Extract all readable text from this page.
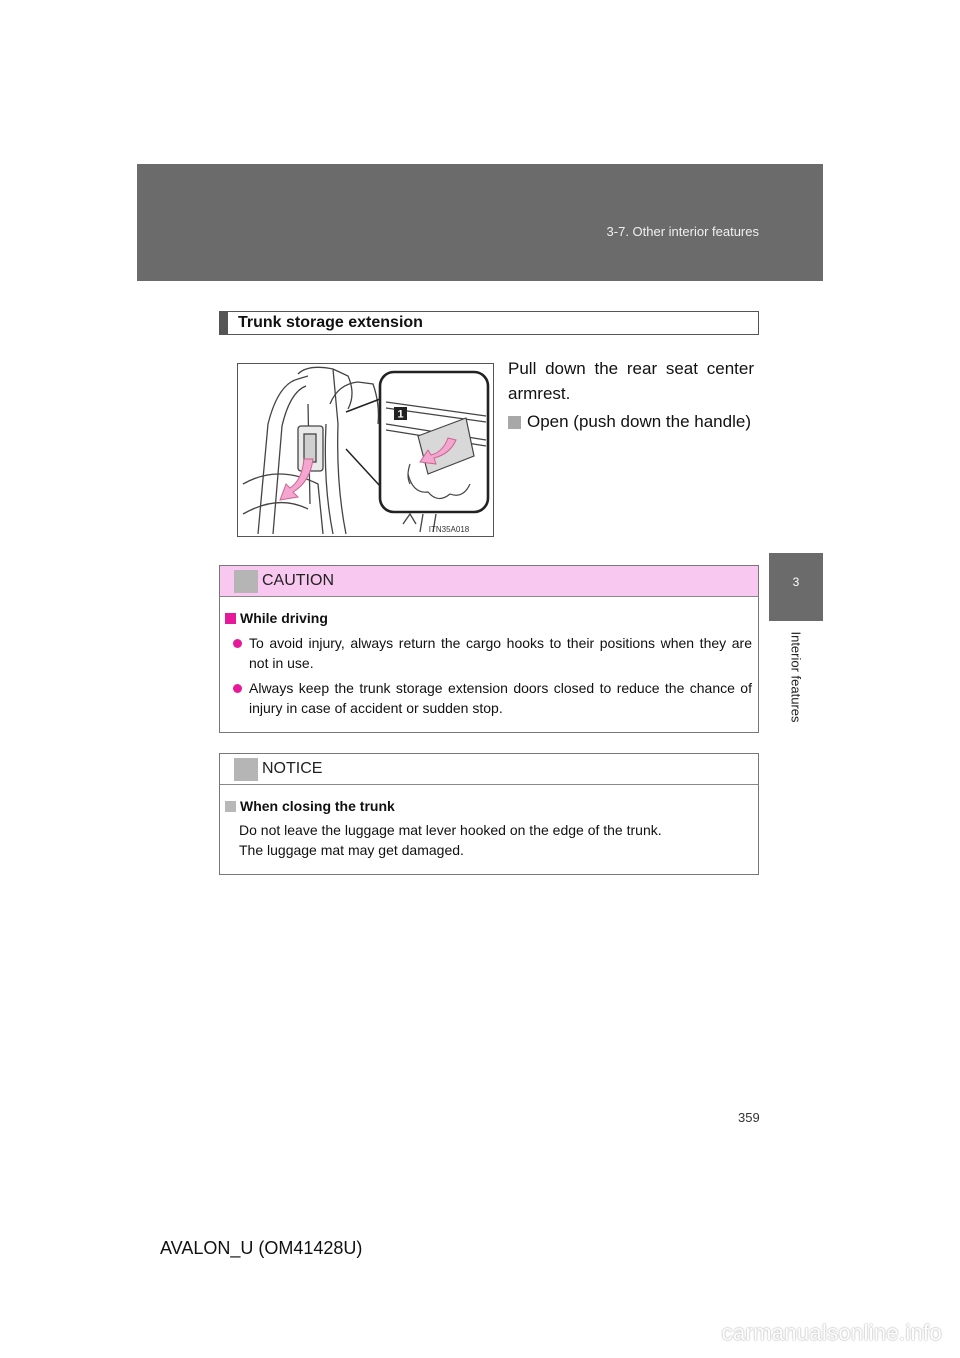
3-7. Other interior features
3
Interior features
Trunk storage extension
1
ITN35A018
Pull down the rear seat center
armrest.
Open (push down the handle)
CAUTION
While driving
To avoid injury, always return the cargo hooks to their positions when they are not in use.
Always keep the trunk storage extension doors closed to reduce the chance of injury in case of accident or sudden stop.
NOTICE
When closing the trunk
Do not leave the luggage mat lever hooked on the edge of the trunk.
The luggage mat may get damaged.
359
AVALON_U (OM41428U)
carmanualsonline.info
